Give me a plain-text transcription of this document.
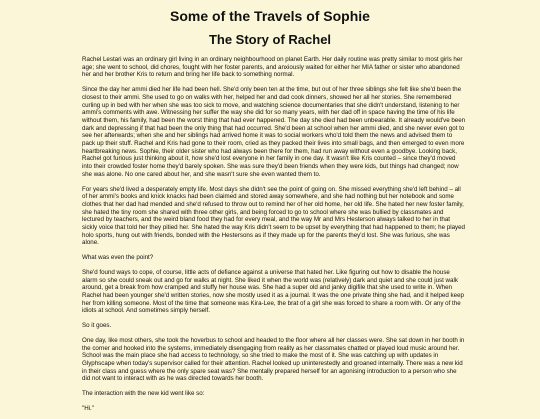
Some of the Travels of Sophie
The Story of Rachel

Rachel Lestari was an ordinary girl living in an ordinary neighbourhood on planet Earth. Her daily routine was pretty similar to most girls her age; she went to school, did chores, fought with her foster parents, and anxiously waited for either her MIA father or sister who abandoned her and her brother Kris to return and bring her life back to something normal.

Since the day her ammi died her life had been hell. She'd only been ten at the time, but out of her three siblings she felt like she'd been the closest to their ammi. She used to go on walks with her, helped her and dad cook dinners, showed her all her stories. She remembered curling up in bed with her when she was too sick to move, and watching science documentaries that she didn't understand, listening to her ammi's comments with awe. Witnessing her suffer the way she did for so many years, with her dad off in space having the time of his life without them, his family, had been the worst thing that had ever happened. The day she died had been unbearable. It already would've been dark and depressing if that had been the only thing that had occurred. She'd been at school when her ammi died, and she never even got to see her afterwards; when she and her siblings had arrived home it was to social workers who'd told them the news and advised them to pack up their stuff. Rachel and Kris had gone to their room, cried as they packed their lives into small bags, and then emerged to even more heartbreaking news. Sophie, their older sister who had always been there for them, had run away without even a goodbye. Looking back, Rachel got furious just thinking about it, how she'd lost everyone in her family in one day. It wasn't like Kris counted – since they'd moved into their crowded foster home they'd barely spoken. She was sure they'd been friends when they were kids, but things had changed; now she was alone. No one cared about her, and she wasn't sure she even wanted them to.

For years she'd lived a desperately empty life. Most days she didn't see the point of going on. She missed everything she'd left behind – all of her ammi's books and knick knacks had been claimed and stored away somewhere, and she had nothing but her notebook and some clothes that her dad had mended and she'd refused to throw out to remind her of her old home, her old life. She hated her new foster family, she hated the tiny room she shared with three other girls, and being forced to go to school where she was bullied by classmates and lectured by teachers, and the weird bland food they had for every meal, and the way Mr and Mrs Hesterson always talked to her in that sickly voice that told her they pitied her. She hated the way Kris didn't seem to be upset by everything that had happened to them; he played holo sports, hung out with friends, bonded with the Hestersons as if they made up for the parents they'd lost. She was furious, she was alone.

What was even the point?

She'd found ways to cope, of course, little acts of defiance against a universe that hated her. Like figuring out how to disable the house alarm so she could sneak out and go for walks at night. She liked it when the world was (relatively) dark and quiet and she could just walk around, get a break from how cramped and stuffy her house was. She had a super old and janky digifile that she used to write in. When Rachel had been younger she'd written stories, now she mostly used it as a journal. It was the one private thing she had, and it helped keep her from killing someone. Most of the time that someone was Kira-Lee, the brat of a girl she was forced to share a room with. Or any of the idiots at school. And sometimes simply herself.

So it goes.

One day, like most others, she took the hoverbus to school and headed to the floor where all her classes were. She sat down in her booth in the corner and hooked into the systems, immediately disengaging from reality as her classmates chatted or played loud music around her. School was the main place she had access to technology, so she tried to make the most of it. She was catching up with updates in Glyphscape when today's supervisor called for their attention. Rachel looked up uninterestedly and groaned internally. There was a new kid in their class and guess where the only spare seat was? She mentally prepared herself for an agonising introduction to a person who she did not want to interact with as he was directed towards her booth.

The interaction with the new kid went like so:

"Hi."
